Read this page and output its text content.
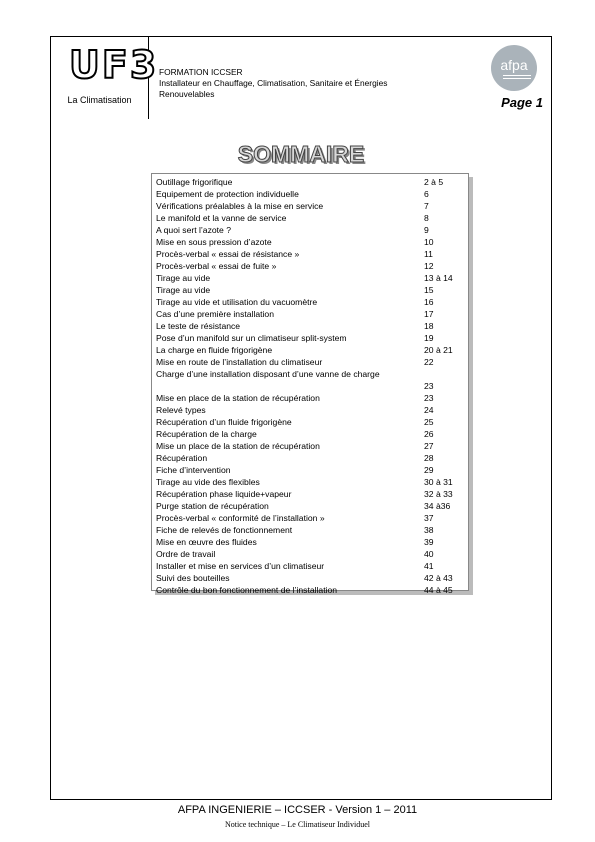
UF3
La Climatisation
FORMATION ICCSER
Installateur en Chauffage, Climatisation, Sanitaire et Énergies
Renouvelables
afpa
Page 1
SOMMAIRE
Outillage frigorifique	2 à 5
Equipement de protection individuelle	6
Vérifications préalables à la mise en service	7
Le manifold et la vanne de service	8
A quoi sert l’azote ?	9
Mise en sous pression d’azote	10
Procès-verbal « essai de résistance »	11
Procès-verbal « essai de fuite »	12
Tirage au vide	13 à 14
Tirage au vide	15
Tirage au vide et utilisation du vacuomètre	16
Cas d’une première installation	17
Le teste de résistance	18
Pose d’un manifold sur un climatiseur split-system	19
La charge en fluide frigorigène	20 à 21
Mise en route de l’installation du climatiseur	22
Charge d’une installation disposant d’une vanne de charge
23
Mise en place de la station de récupération	23
Relevé types	24
Récupération d’un fluide frigorigène	25
Récupération de la charge	26
Mise un place de la station de récupération	27
Récupération	28
Fiche d’intervention	29
Tirage au vide des flexibles	30 à 31
Récupération phase liquide+vapeur	32 à 33
Purge station de récupération	34 à36
Procès-verbal « conformité de l’installation »	37
Fiche de relevés de fonctionnement	38
Mise en œuvre des fluides	39
Ordre de travail	40
Installer et mise en services d’un climatiseur	41
Suivi des bouteilles	42 à 43
Contrôle du bon fonctionnement de l’installation	44 à 45
AFPA INGENIERIE – ICCSER - Version 1 – 2011
Notice technique – Le Climatiseur Individuel
